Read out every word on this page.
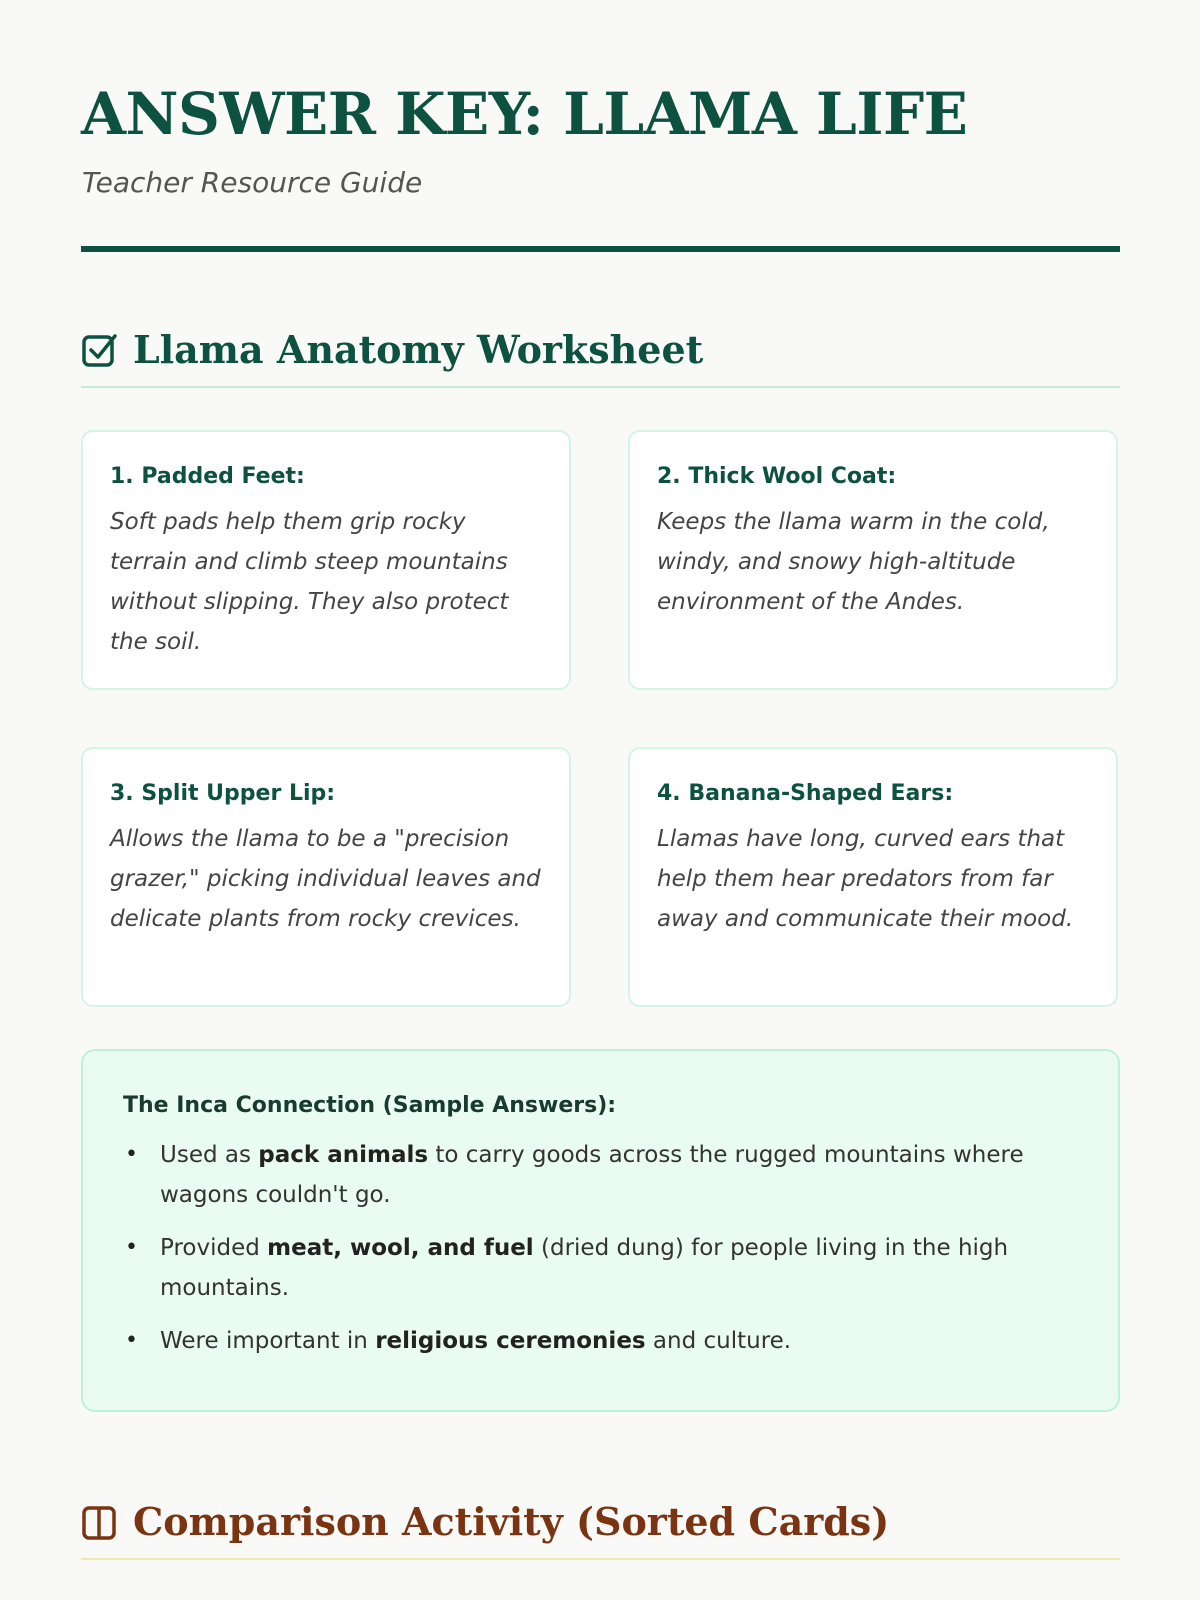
ANSWER KEY: LLAMA LIFE

Teacher Resource Guide

Llama Anatomy Worksheet
1. Padded Feet:
Soft pads help them grip rocky terrain and climb steep mountains without slipping. They also protect the soil.
2. Thick Wool Coat:
Keeps the llama warm in the cold, windy, and snowy high-altitude environment of the Andes.
3. Split Upper Lip:
Allows the llama to be a "precision grazer," picking individual leaves and delicate plants from rocky crevices.
4. Banana-Shaped Ears:
Llamas have long, curved ears that help them hear predators from far away and communicate their mood.
The Inca Connection (Sample Answers):
• Used as pack animals to carry goods across the rugged mountains where wagons couldn't go.
• Provided meat, wool, and fuel (dried dung) for people living in the high mountains.
• Were important in religious ceremonies and culture.
Comparison Activity (Sorted Cards)
